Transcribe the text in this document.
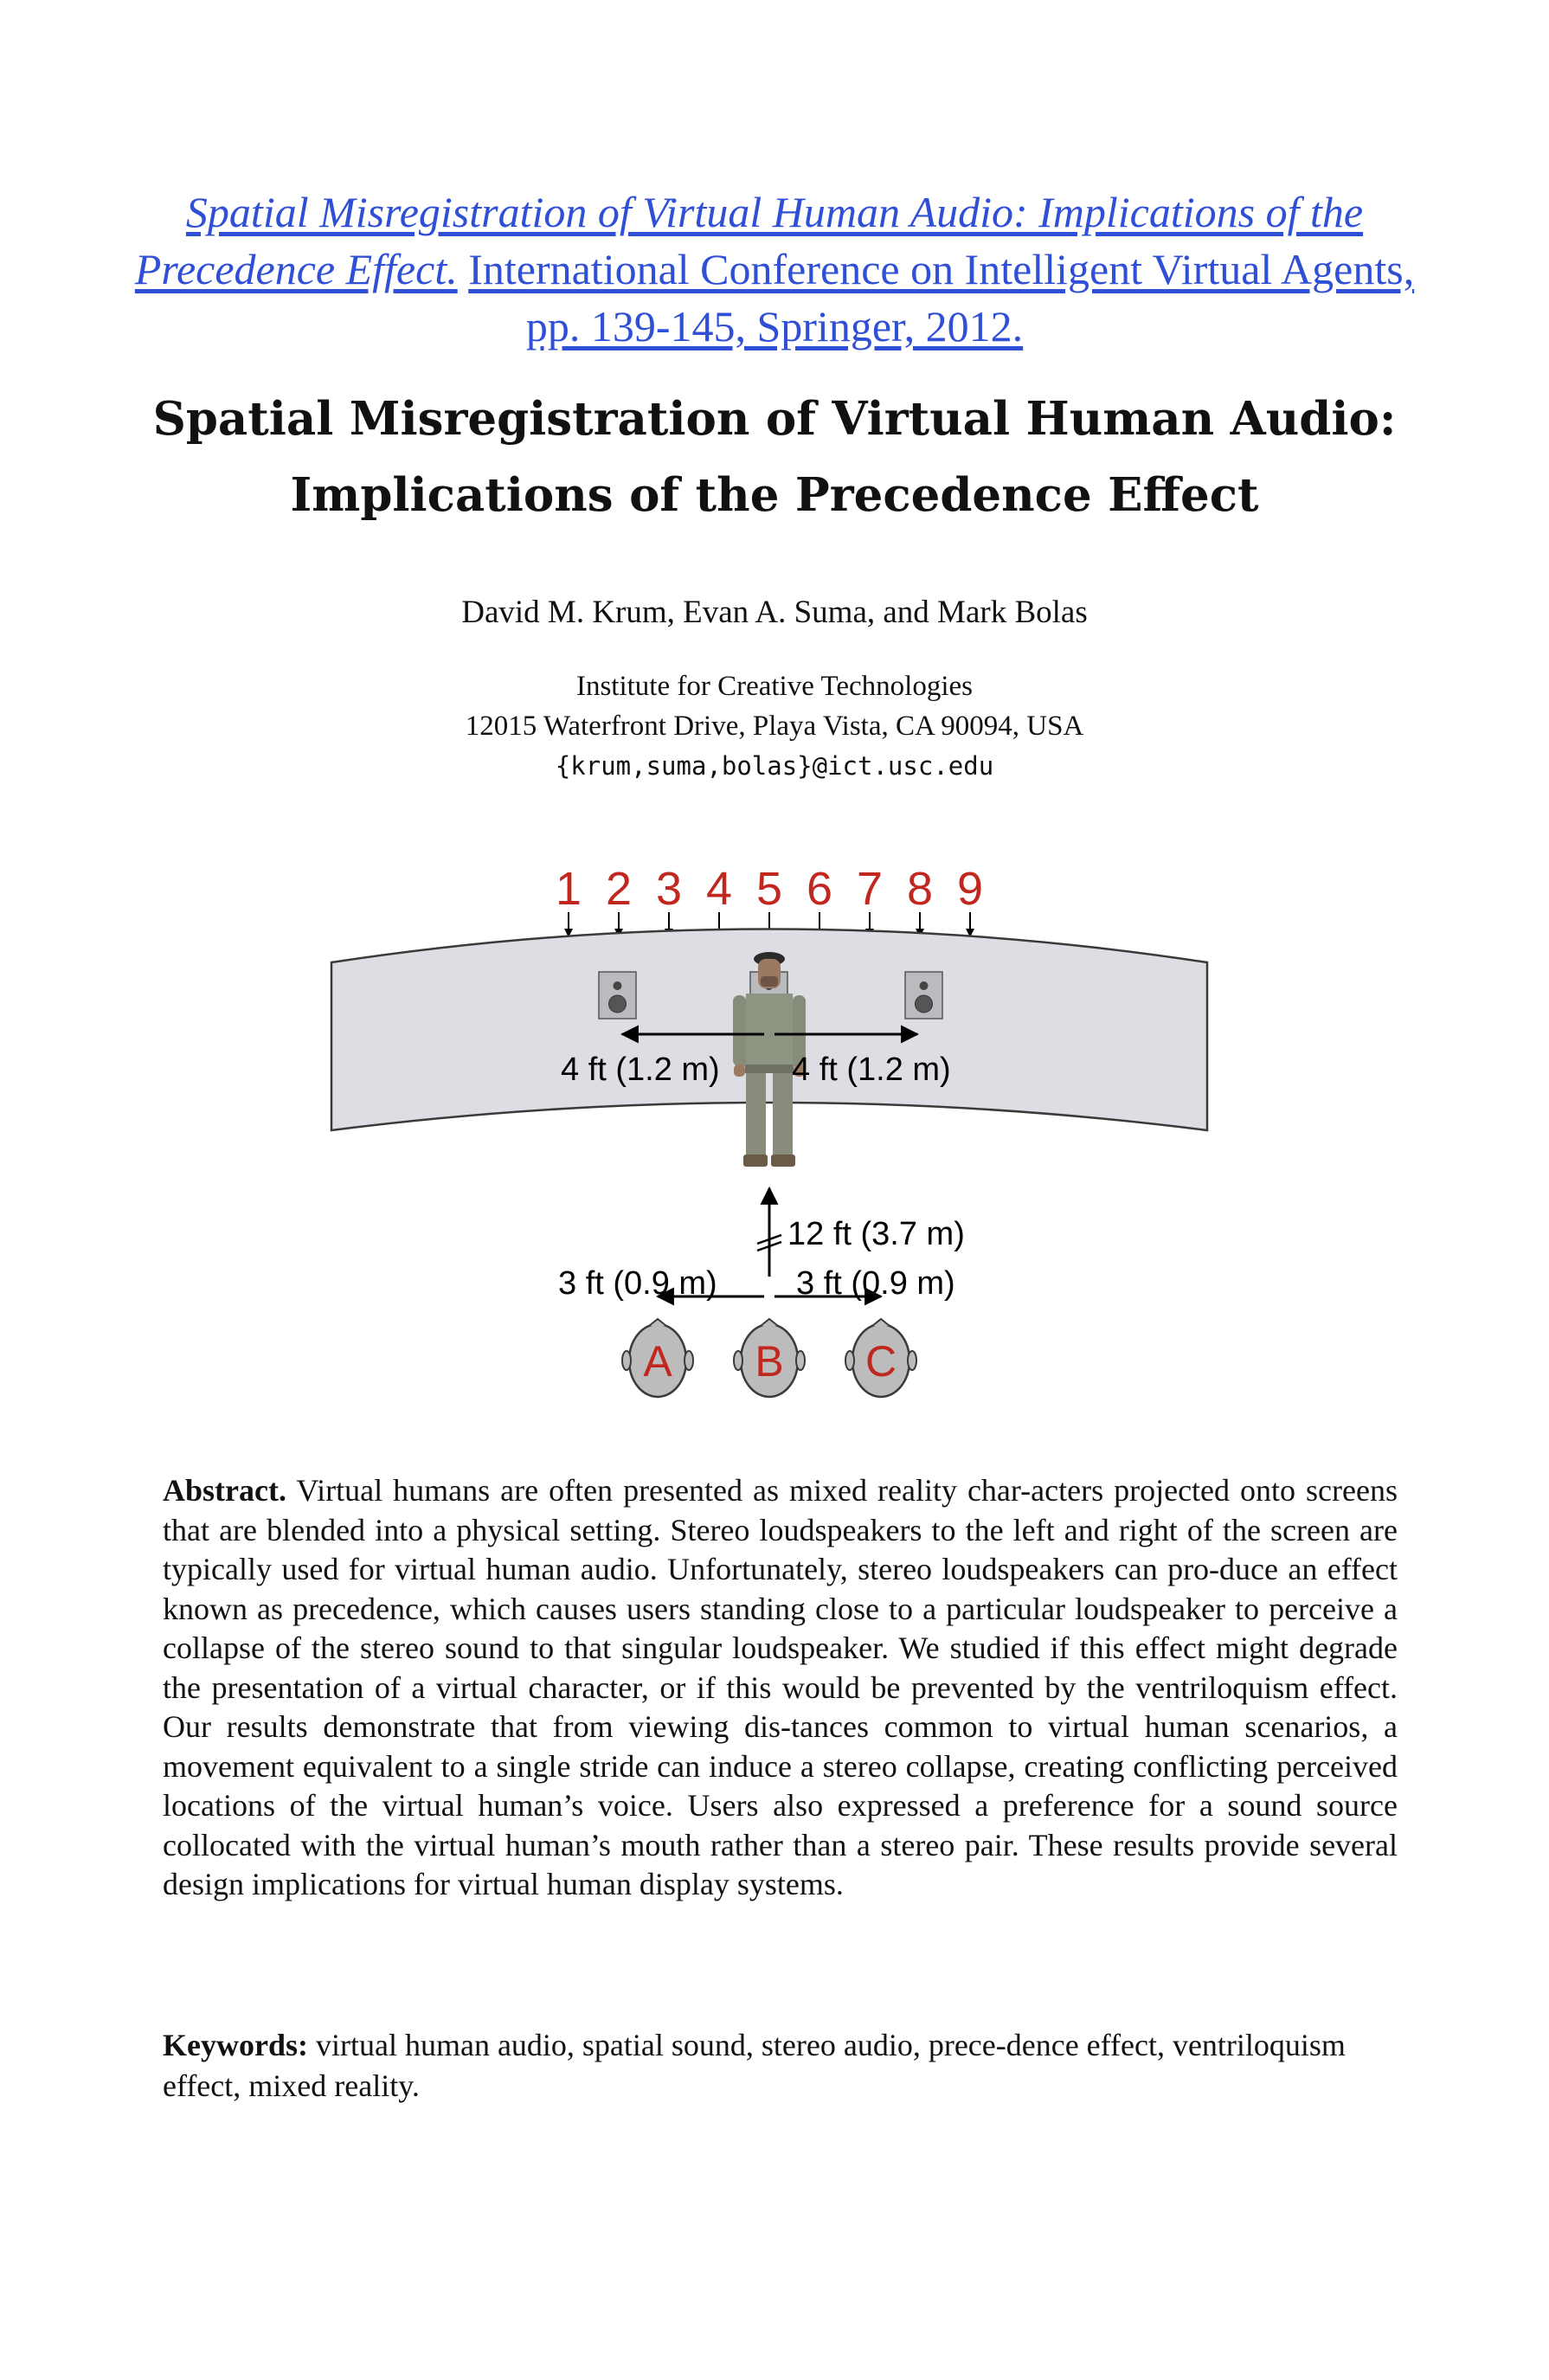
Spatial Misregistration of Virtual Human Audio: Implications of the Precedence Effect. International Conference on Intelligent Virtual Agents, pp. 139-145, Springer, 2012.
Spatial Misregistration of Virtual Human Audio:
Implications of the Precedence Effect
David M. Krum, Evan A. Suma, and Mark Bolas
Institute for Creative Technologies
12015 Waterfront Drive, Playa Vista, CA 90094, USA
{krum,suma,bolas}@ict.usc.edu
1 2 3 4 5 6 7 8 9
4 ft (1.2 m) 4 ft (1.2 m)
12 ft (3.7 m)
3 ft (0.9 m) 3 ft (0.9 m)
A B C

Abstract. Virtual humans are often presented as mixed reality char-acters projected onto screens that are blended into a physical setting. Stereo loudspeakers to the left and right of the screen are typically used for virtual human audio. Unfortunately, stereo loudspeakers can pro-duce an effect known as precedence, which causes users standing close to a particular loudspeaker to perceive a collapse of the stereo sound to that singular loudspeaker. We studied if this effect might degrade the presentation of a virtual character, or if this would be prevented by the ventriloquism effect. Our results demonstrate that from viewing dis-tances common to virtual human scenarios, a movement equivalent to a single stride can induce a stereo collapse, creating conflicting perceived locations of the virtual human’s voice. Users also expressed a preference for a sound source collocated with the virtual human’s mouth rather than a stereo pair. These results provide several design implications for virtual human display systems.

Keywords: virtual human audio, spatial sound, stereo audio, prece-dence effect, ventriloquism effect, mixed reality.
